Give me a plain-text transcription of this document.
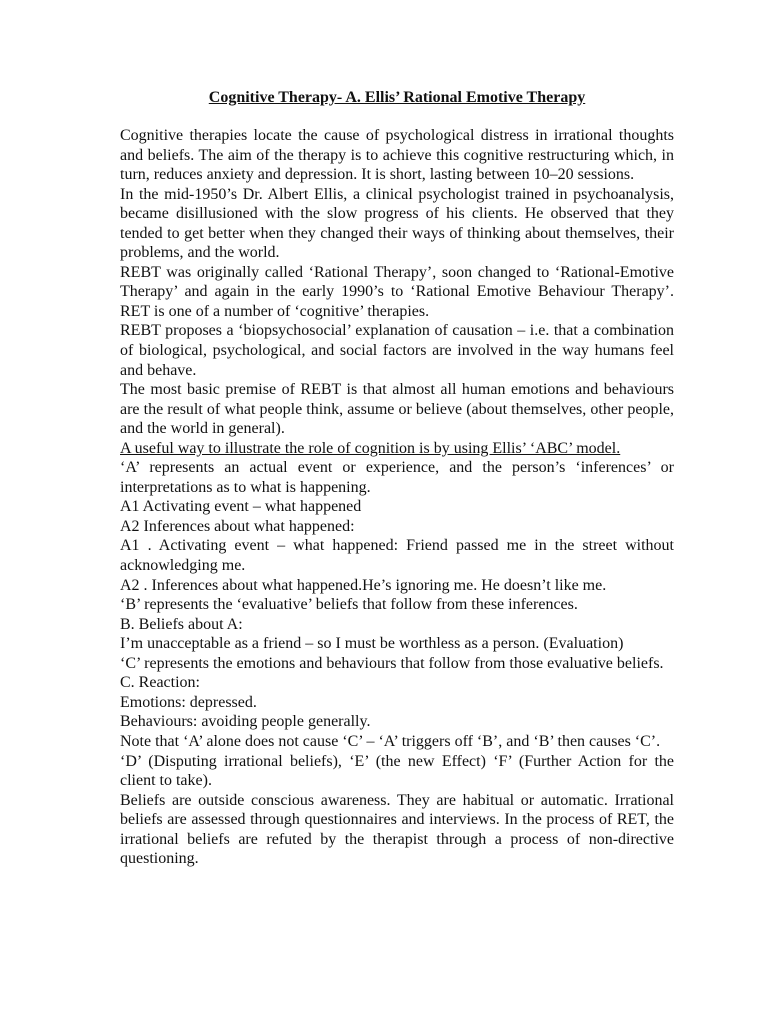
Cognitive Therapy- A. Ellis’ Rational Emotive Therapy

Cognitive therapies locate the cause of psychological distress in irrational thoughts and beliefs. The aim of the therapy is to achieve this cognitive restructuring which, in turn, reduces anxiety and depression. It is short, lasting between 10–20 sessions.

In the mid-1950’s Dr. Albert Ellis, a clinical psychologist trained in psychoanalysis, became disillusioned with the slow progress of his clients. He observed that they tended to get better when they changed their ways of thinking about themselves, their problems, and the world.

REBT was originally called ‘Rational Therapy’, soon changed to ‘Rational-Emotive Therapy’ and again in the early 1990’s to ‘Rational Emotive Behaviour Therapy’. RET is one of a number of ‘cognitive’ therapies.

REBT proposes a ‘biopsychosocial’ explanation of causation – i.e. that a combination of biological, psychological, and social factors are involved in the way humans feel and behave.

The most basic premise of REBT is that almost all human emotions and behaviours are the result of what people think, assume or believe (about themselves, other people, and the world in general).

A useful way to illustrate the role of cognition is by using Ellis’ ‘ABC’ model.

‘A’ represents an actual event or experience, and the person’s ‘inferences’ or interpretations as to what is happening.

A1 Activating event – what happened

A2 Inferences about what happened:

A1 . Activating event – what happened: Friend passed me in the street without acknowledging me.

A2 . Inferences about what happened.He’s ignoring me. He doesn’t like me.

‘B’ represents the ‘evaluative’ beliefs that follow from these inferences.

B. Beliefs about A:

I’m unacceptable as a friend – so I must be worthless as a person. (Evaluation)

‘C’ represents the emotions and behaviours that follow from those evaluative beliefs.

C. Reaction:

Emotions: depressed.

Behaviours: avoiding people generally.

Note that ‘A’ alone does not cause ‘C’ – ‘A’ triggers off ‘B’, and ‘B’ then causes ‘C’.

‘D’ (Disputing irrational beliefs), ‘E’ (the new Effect) ‘F’ (Further Action for the client to take).

Beliefs are outside conscious awareness. They are habitual or automatic. Irrational beliefs are assessed through questionnaires and interviews. In the process of RET, the irrational beliefs are refuted by the therapist through a process of non-directive questioning.
